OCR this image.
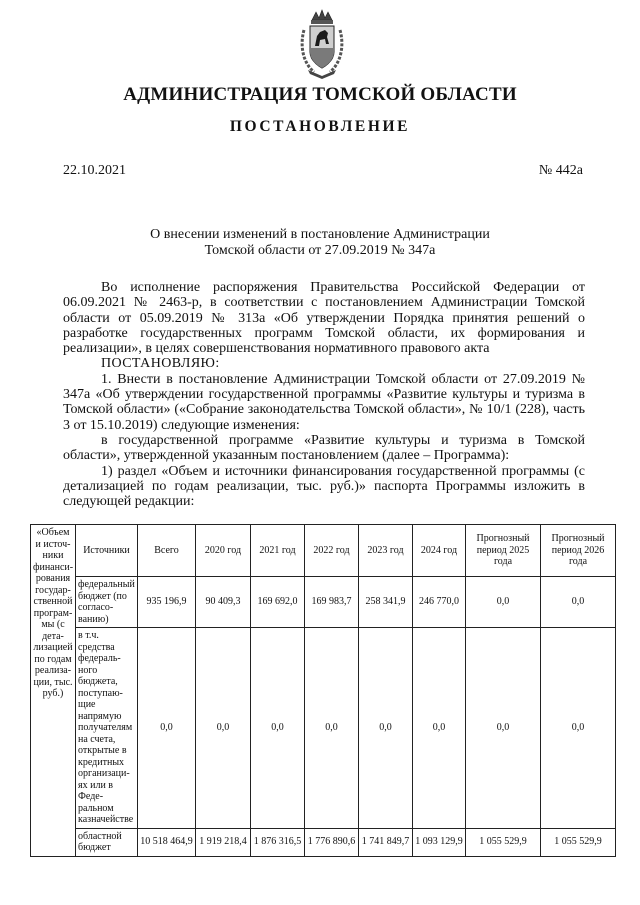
АДМИНИСТРАЦИЯ ТОМСКОЙ ОБЛАСТИ
ПОСТАНОВЛЕНИЕ
22.10.2021	№ 442а
О внесении изменений в постановление Администрации
Томской области от 27.09.2019 № 347а

Во исполнение распоряжения Правительства Российской Федерации от 06.09.2021 № 2463-р, в соответствии с постановлением Администрации Томской области от 05.09.2019 № 313а «Об утверждении Порядка принятия решений о разработке государственных программ Томской области, их формирования и реализации», в целях совершенствования нормативного правового акта

ПОСТАНОВЛЯЮ:

1. Внести в постановление Администрации Томской области от 27.09.2019 № 347а «Об утверждении государственной программы «Развитие культуры и туризма в Томской области» («Собрание законодательства Томской области», № 10/1 (228), часть 3 от 15.10.2019) следующие изменения:

в государственной программе «Развитие культуры и туризма в Томской области», утвержденной указанным постановлением (далее – Программа):

1) раздел «Объем и источники финансирования государственной программы (с детализацией по годам реализации, тыс. руб.)» паспорта Программы изложить в следующей редакции:

«Объем и источ-ники финанси-рования государ-ственной програм-мы (с дета-лизацией по годам реализа-ции, тыс. руб.)	Источники	Всего	2020 год	2021 год	2022 год	2023 год	2024 год	Прогнозный период 2025 года	Прогнозный период 2026 года
	федеральный бюджет (по согласо-ванию)	935 196,9	90 409,3	169 692,0	169 983,7	258 341,9	246 770,0	0,0	0,0
	в т.ч. средства федераль-ного бюджета, поступаю-щие напрямую получателям на счета, открытые в кредитных организаци-ях или в Феде-ральном казначействе	0,0	0,0	0,0	0,0	0,0	0,0	0,0	0,0
	областной бюджет	10 518 464,9	1 919 218,4	1 876 316,5	1 776 890,6	1 741 849,7	1 093 129,9	1 055 529,9	1 055 529,9
